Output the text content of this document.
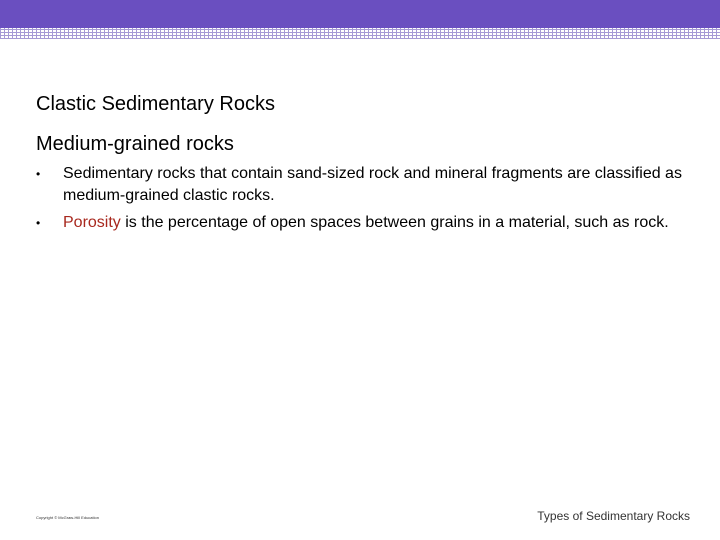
Clastic Sedimentary Rocks
Medium-grained rocks
• Sedimentary rocks that contain sand-sized rock and mineral fragments are classified as medium-grained clastic rocks.
• Porosity is the percentage of open spaces between grains in a material, such as rock.
Copyright © McGraw-Hill Education	Types of Sedimentary Rocks
